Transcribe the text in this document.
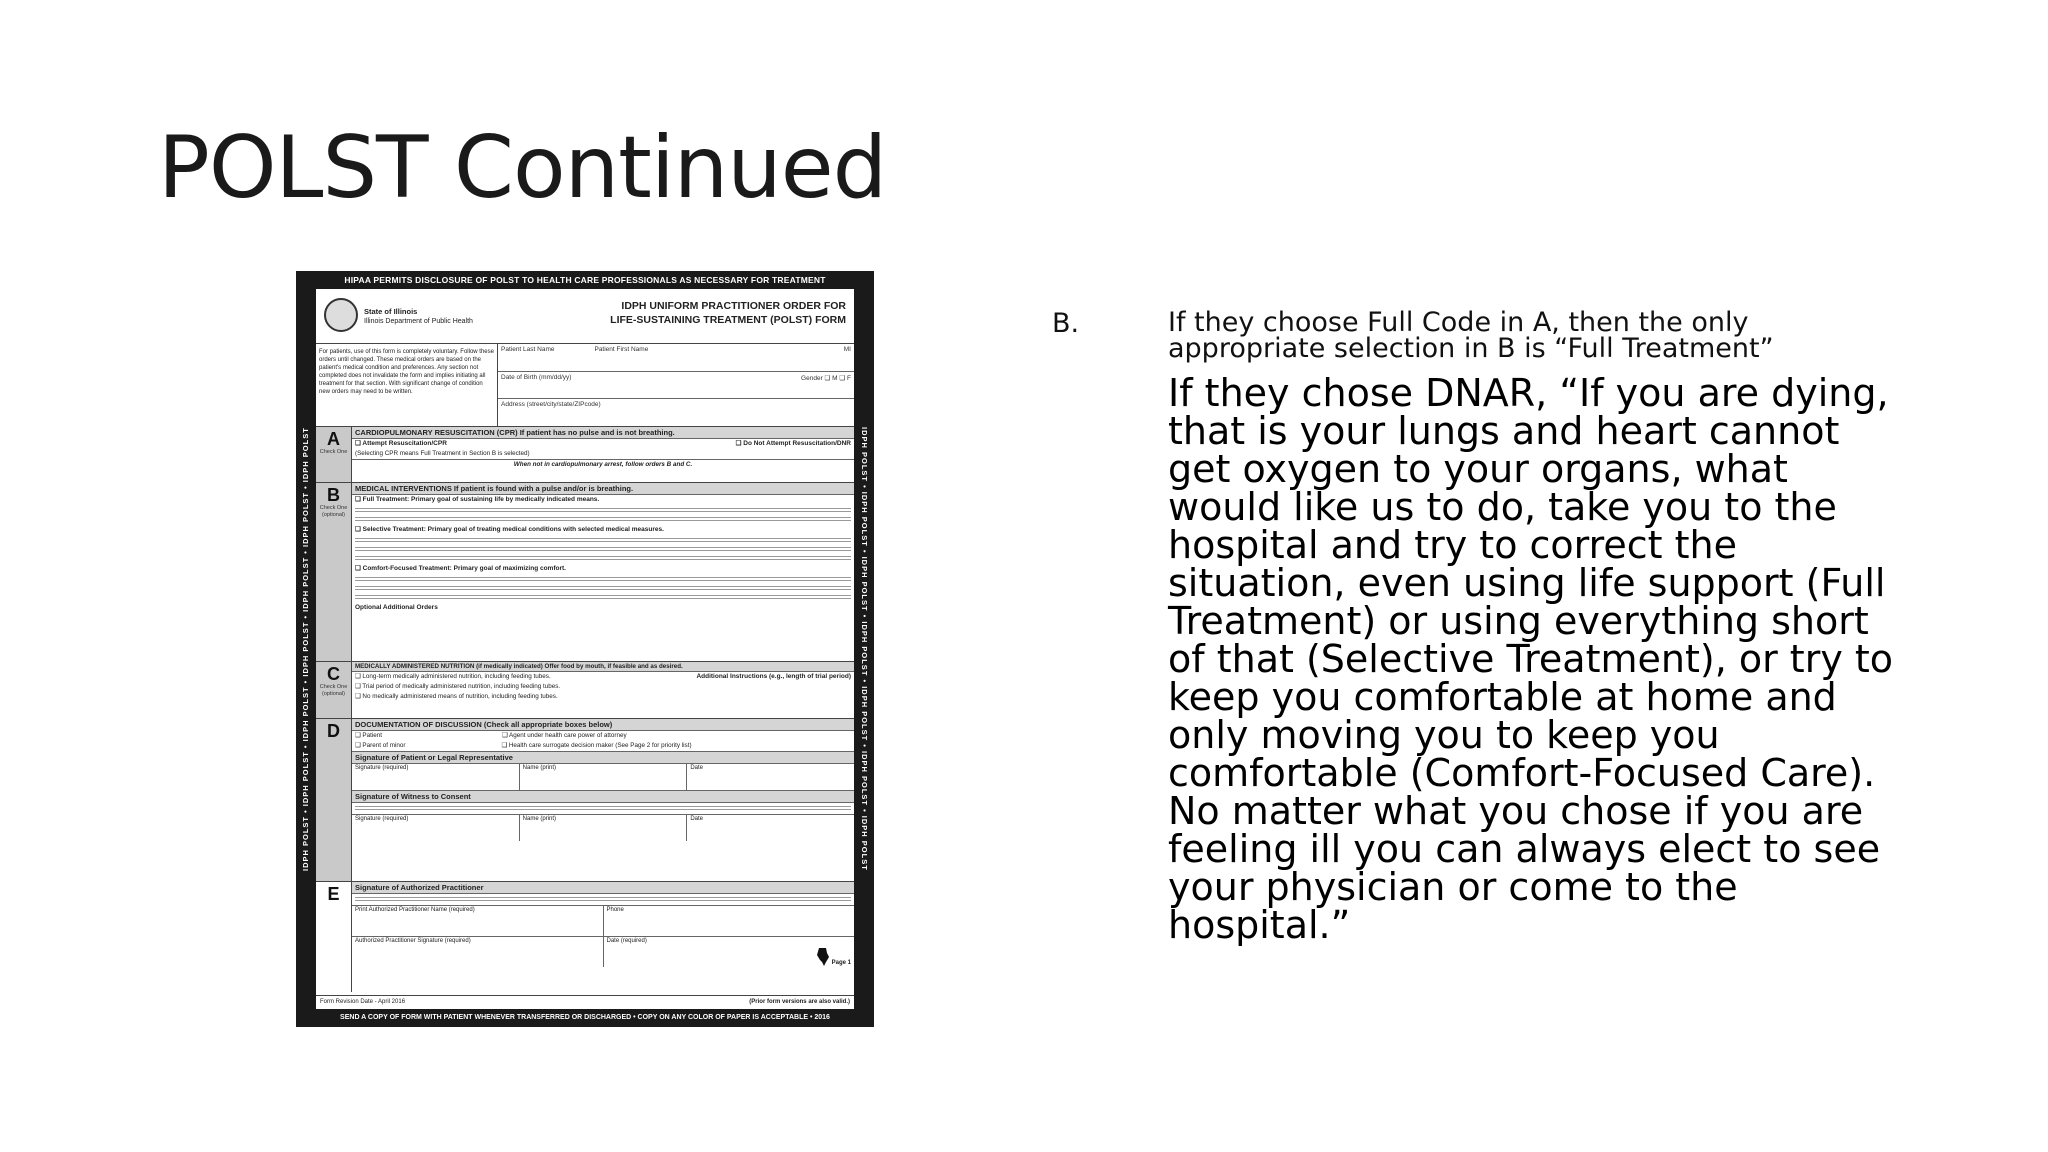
POLST Continued
HIPAA PERMITS DISCLOSURE OF POLST TO HEALTH CARE PROFESSIONALS AS NECESSARY FOR TREATMENT
IDPH POLST • IDPH POLST • IDPH POLST • IDPH POLST • IDPH POLST • IDPH POLST • IDPH POLST	IDPH POLST • IDPH POLST • IDPH POLST • IDPH POLST • IDPH POLST • IDPH POLST • IDPH POLST
State of Illinois
Illinois Department of Public Health
IDPH UNIFORM PRACTITIONER ORDER FOR
LIFE-SUSTAINING TREATMENT (POLST) FORM
For patients, use of this form is completely voluntary. Follow these orders until changed. These medical orders are based on the patient's medical condition and preferences. Any section not completed does not invalidate the form and implies initiating all treatment for that section. With significant change of condition new orders may need to be written.
Patient Last Name	Patient First Name	MI
Date of Birth (mm/dd/yy)	Gender ❑ M ❑ F
Address (street/city/state/ZIPcode)
A
Check One
CARDIOPULMONARY RESUSCITATION (CPR) If patient has no pulse and is not breathing.
❑ Attempt Resuscitation/CPR	❑ Do Not Attempt Resuscitation/DNR
(Selecting CPR means Full Treatment in Section B is selected)
When not in cardiopulmonary arrest, follow orders B and C.
B
Check One (optional)
MEDICAL INTERVENTIONS If patient is found with a pulse and/or is breathing.
❑ Full Treatment: Primary goal of sustaining life by medically indicated means.
❑ Selective Treatment: Primary goal of treating medical conditions with selected medical measures.
❑ Comfort-Focused Treatment: Primary goal of maximizing comfort.
Optional Additional Orders
C
Check One (optional)
MEDICALLY ADMINISTERED NUTRITION (if medically indicated) Offer food by mouth, if feasible and as desired.
❑ Long-term medically administered nutrition, including feeding tubes.	Additional Instructions (e.g., length of trial period)
❑ Trial period of medically administered nutrition, including feeding tubes.
❑ No medically administered means of nutrition, including feeding tubes.
D	DOCUMENTATION OF DISCUSSION (Check all appropriate boxes below)
❑ Patient	❑ Agent under health care power of attorney
❑ Parent of minor	❑ Health care surrogate decision maker (See Page 2 for priority list)
Signature of Patient or Legal Representative
Signature (required)	Name (print)	Date
Signature of Witness to Consent
Signature (required)	Name (print)	Date
E	Signature of Authorized Practitioner
Print Authorized Practitioner Name (required)	Phone
Authorized Practitioner Signature (required)	Date (required)
Page 1
Form Revision Date - April 2016	(Prior form versions are also valid.)
SEND A COPY OF FORM WITH PATIENT WHENEVER TRANSFERRED OR DISCHARGED • COPY ON ANY COLOR OF PAPER IS ACCEPTABLE • 2016
B.	If they choose Full Code in A, then the only appropriate selection in B is “Full Treatment”

If they chose DNAR, “If you are dying, that is your lungs and heart cannot get oxygen to your organs, what would like us to do, take you to the hospital and try to correct the situation, even using life support (Full Treatment) or using everything short of that (Selective Treatment), or try to keep you comfortable at home and only moving you to keep you comfortable (Comfort-Focused Care). No matter what you chose if you are feeling ill you can always elect to see your physician or come to the hospital.”
